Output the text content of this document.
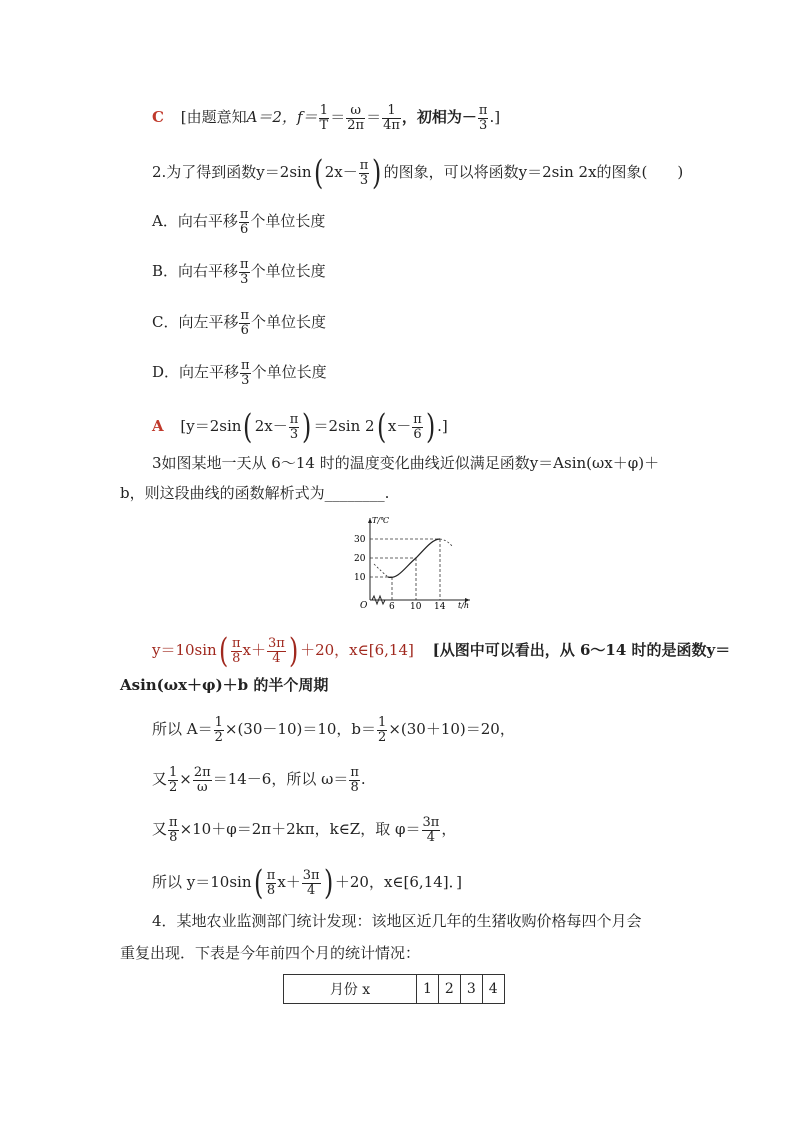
C [由题意知A＝2，$f= \frac{1}{T} = \frac{\omega}{2\pi} = \frac{1}{4\pi}$ ，初相为－ $\frac{\pi}{3}$ .]
2.为了得到函数y＝2sin( $2x- \frac{\pi}{3}$ ) 的图象，可以将函数y＝2sin 2x的图象(　　)
A．向右平移 $\frac{\pi}{6}$ 个单位长度
B．向右平移 $\frac{\pi}{3}$ 个单位长度
C．向左平移 $\frac{\pi}{6}$ 个单位长度
D．向左平移 $\frac{\pi}{3}$ 个单位长度
A [y＝2sin( $2x- \frac{\pi}{3}$ ) ＝2sin 2( $x- \frac{\pi}{6}$ ) .]
3如图某地一天从 6～14 时的温度变化曲线近似满足函数y＝Asin(ωx＋φ)＋
b，则这段曲线的函数解析式为________.
T/℃
t/h
O
30
20
10
6 10 14
$y=10\sin( \frac{\pi}{8} x+ \frac{3\pi}{4}$ ) ＋20，x∈[6,14] [从图中可以看出，从 6～14 时的是函数y＝
Asin(ωx＋φ)＋b 的半个周期
所以 $A= \frac{1}{2} \times(30-10)=10$，$b= \frac{1}{2} \times(30+10)=20$，
又 $\frac{1}{2} \times \frac{2\pi}{\omega} =14-6$，所以 $\omega= \frac{\pi}{8}$ .
又 $\frac{\pi}{8} \times 10+\varphi=2\pi+2k\pi$，k∈Z，取 $\varphi= \frac{3\pi}{4}$ ，
所以 $y=10\sin( \frac{\pi}{8} x+ \frac{3\pi}{4}$ ) ＋20，x∈[6,14]．]
4．某地农业监测部门统计发现：该地区近几年的生猪收购价格每四个月会
重复出现．下表是今年前四个月的统计情况：
月份 x	1	2	3	4
